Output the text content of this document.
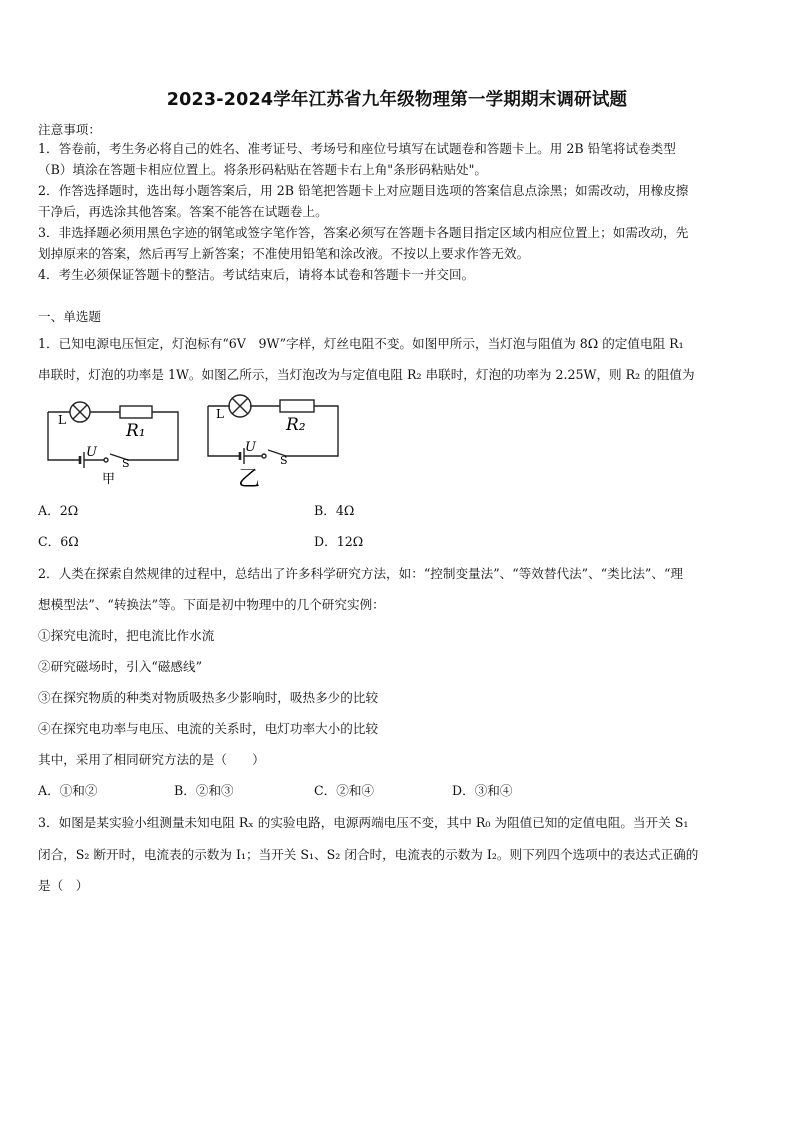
2023-2024学年江苏省九年级物理第一学期期末调研试题
注意事项：
1．答卷前，考生务必将自己的姓名、准考证号、考场号和座位号填写在试题卷和答题卡上。用 2B 铅笔将试卷类型
（B）填涂在答题卡相应位置上。将条形码粘贴在答题卡右上角"条形码粘贴处"。
2．作答选择题时，选出每小题答案后，用 2B 铅笔把答题卡上对应题目选项的答案信息点涂黑；如需改动，用橡皮擦
干净后，再选涂其他答案。答案不能答在试题卷上。
3．非选择题必须用黑色字迹的钢笔或签字笔作答，答案必须写在答题卡各题目指定区域内相应位置上；如需改动，先
划掉原来的答案，然后再写上新答案；不准使用铅笔和涂改液。不按以上要求作答无效。
4．考生必须保证答题卡的整洁。考试结束后，请将本试卷和答题卡一并交回。
一、单选题
1．已知电源电压恒定，灯泡标有“6V　9W”字样，灯丝电阻不变。如图甲所示，当灯泡与阻值为 8Ω 的定值电阻 R₁
串联时，灯泡的功率是 1W。如图乙所示，当灯泡改为与定值电阻 R₂ 串联时，灯泡的功率为 2.25W，则 R₂ 的阻值为
L
R₁
U
S
甲
L
R₂
U
S
乙
A．2Ω	B．4Ω
C．6Ω	D．12Ω
2．人类在探索自然规律的过程中，总结出了许多科学研究方法，如：“控制变量法”、“等效替代法”、“类比法”、“理
想模型法”、“转换法”等。下面是初中物理中的几个研究实例：
①探究电流时，把电流比作水流
②研究磁场时，引入“磁感线”
③在探究物质的种类对物质吸热多少影响时，吸热多少的比较
④在探究电功率与电压、电流的关系时，电灯功率大小的比较
其中，采用了相同研究方法的是（　　）
A．①和②	B．②和③	C．②和④	D．③和④
3．如图是某实验小组测量未知电阻 Rₓ 的实验电路，电源两端电压不变，其中 R₀ 为阻值已知的定值电阻。当开关 S₁
闭合，S₂ 断开时，电流表的示数为 I₁；当开关 S₁、S₂ 闭合时，电流表的示数为 I₂。则下列四个选项中的表达式正确的
是（　）
